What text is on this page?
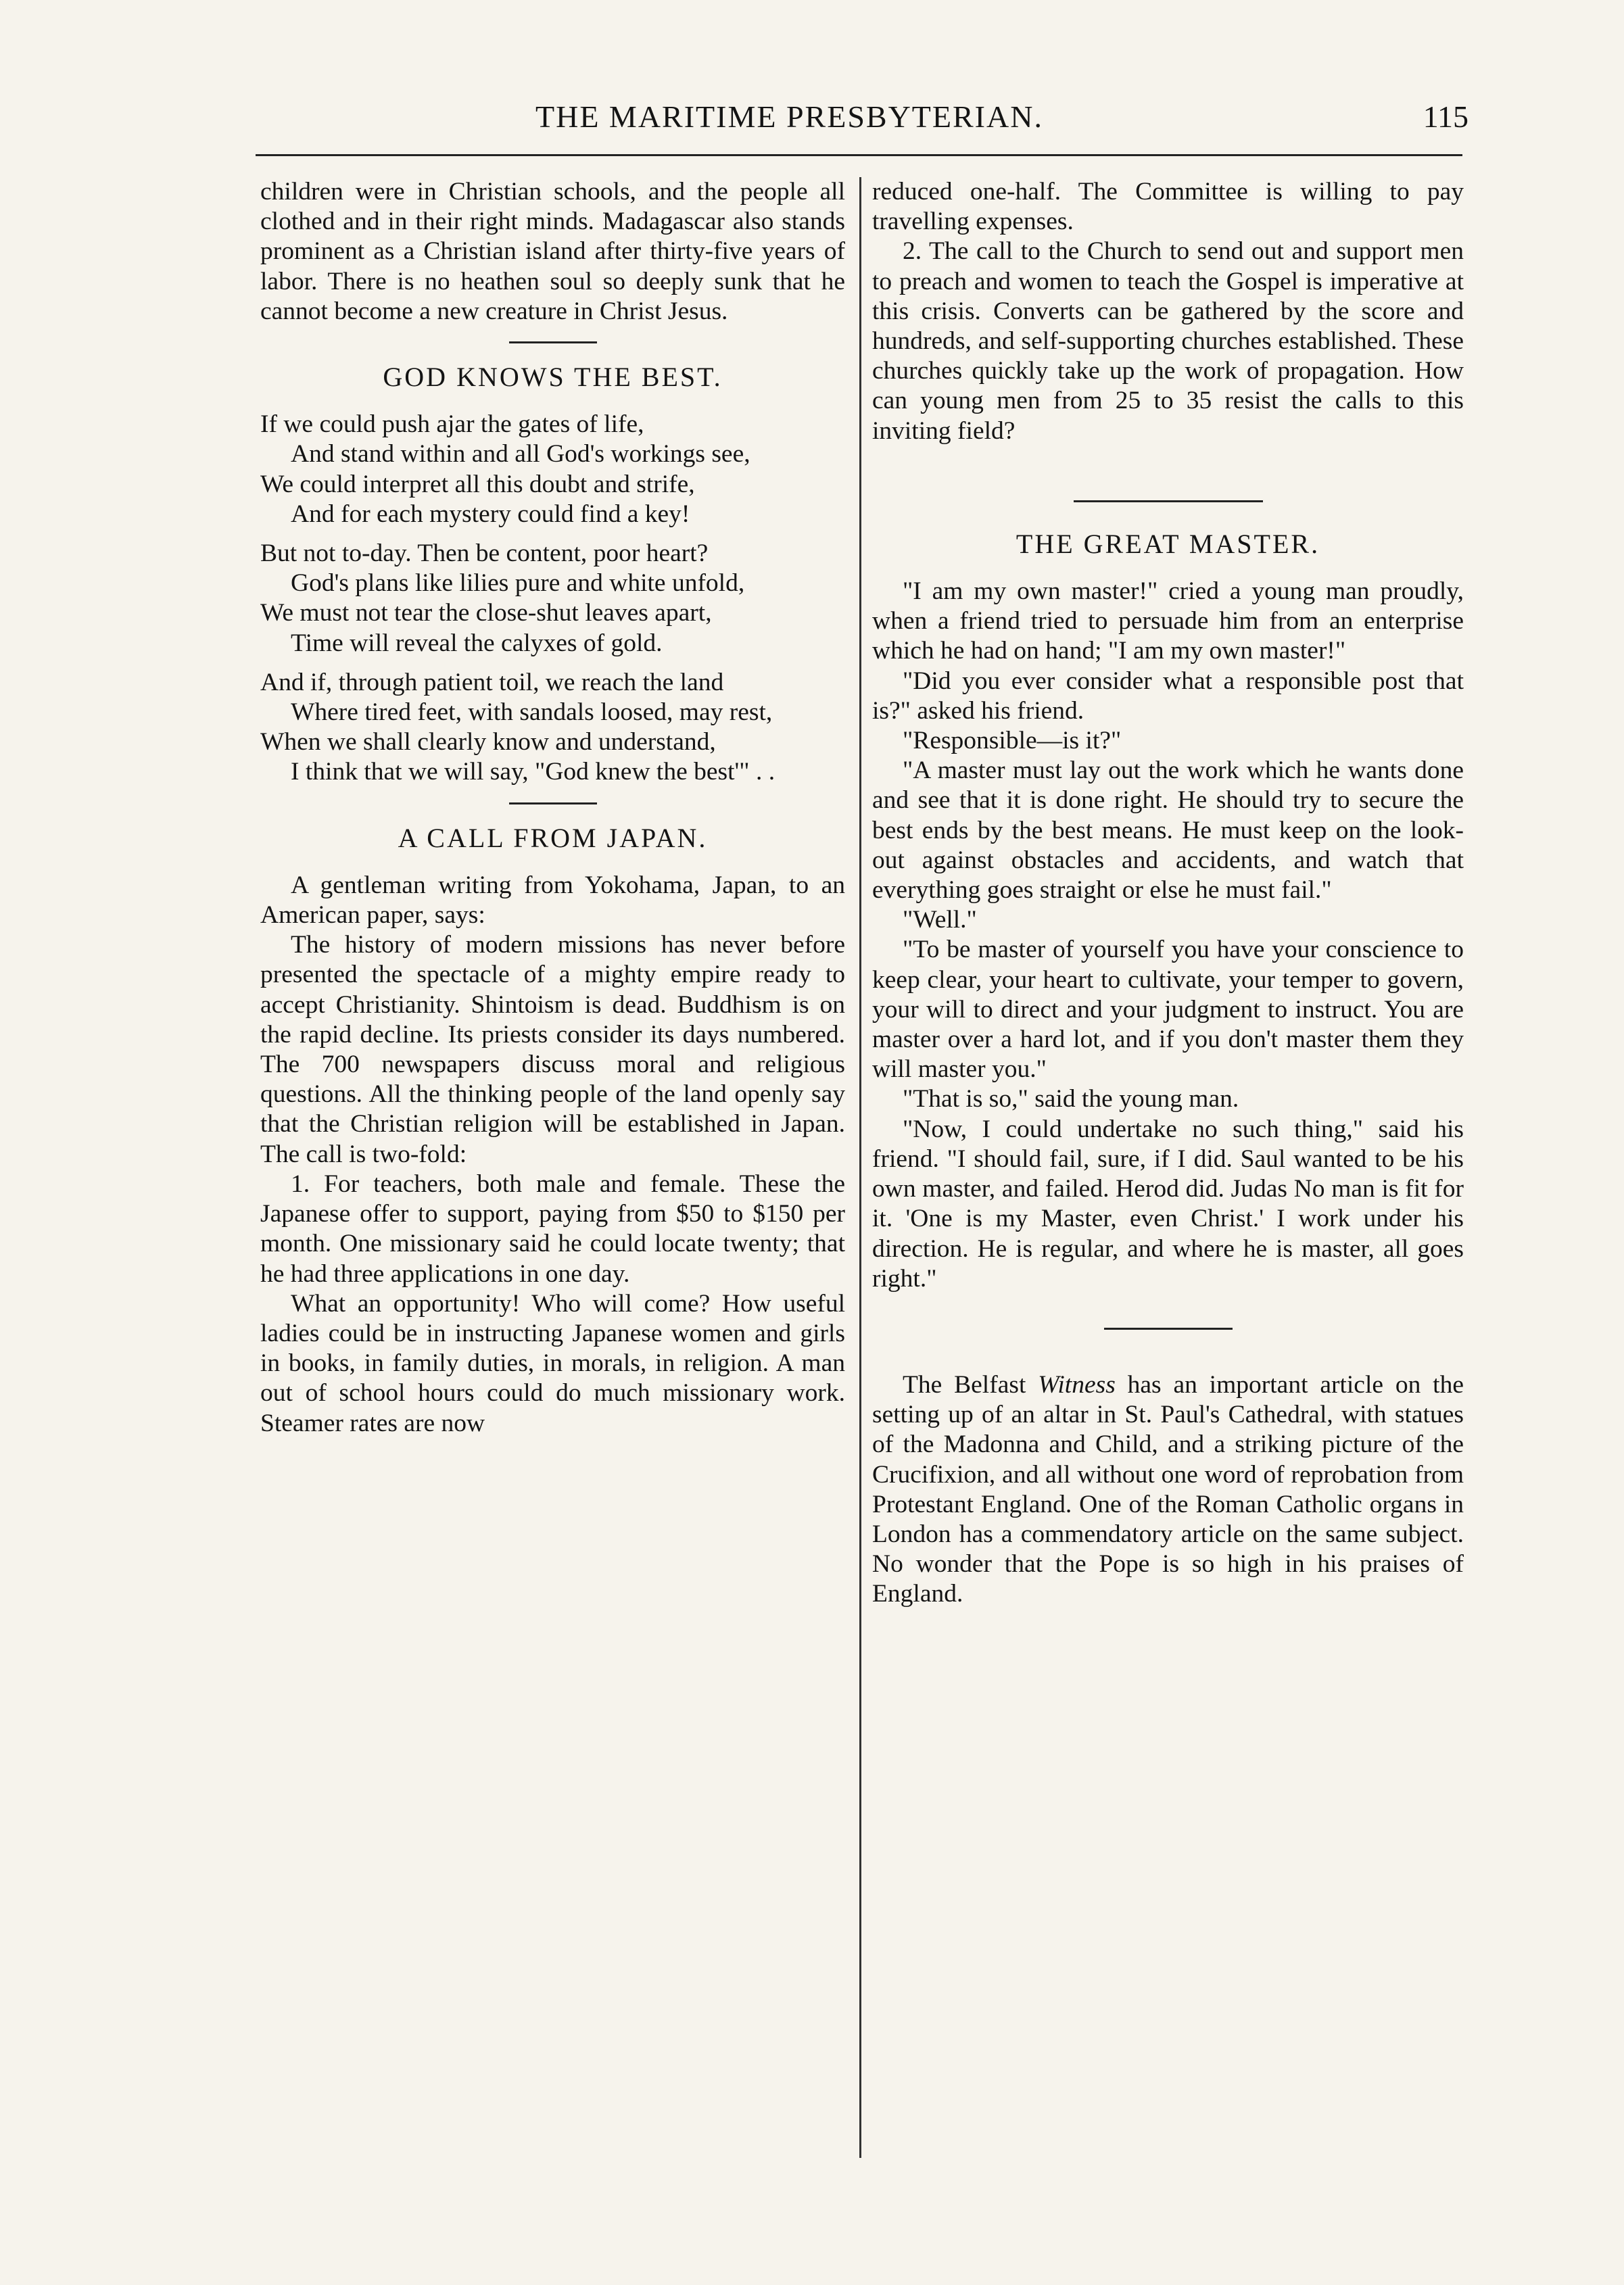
THE MARITIME PRESBYTERIAN.	115

children were in Christian schools, and the people all clothed and in their right minds. Madagascar also stands prominent as a Christian island after thirty-five years of labor. There is no heathen soul so deeply sunk that he cannot become a new creature in Christ Jesus.

GOD KNOWS THE BEST.
If we could push ajar the gates of life,
And stand within and all God's workings see,
We could interpret all this doubt and strife,
And for each mystery could find a key!
But not to-day. Then be content, poor heart?
God's plans like lilies pure and white unfold,
We must not tear the close-shut leaves apart,
Time will reveal the calyxes of gold.
And if, through patient toil, we reach the land
Where tired feet, with sandals loosed, may rest,
When we shall clearly know and understand,
I think that we will say, "God knew the best'" . .
A CALL FROM JAPAN.

A gentleman writing from Yokohama, Japan, to an American paper, says:

The history of modern missions has never before presented the spectacle of a mighty empire ready to accept Christianity. Shintoism is dead. Buddhism is on the rapid decline. Its priests consider its days numbered. The 700 newspapers discuss moral and religious questions. All the thinking people of the land openly say that the Christian religion will be established in Japan. The call is two-fold:

1. For teachers, both male and female. These the Japanese offer to support, paying from $50 to $150 per month. One missionary said he could locate twenty; that he had three applications in one day.

What an opportunity! Who will come? How useful ladies could be in instructing Japanese women and girls in books, in family duties, in morals, in religion. A man out of school hours could do much missionary work. Steamer rates are now

reduced one-half. The Committee is willing to pay travelling expenses.

2. The call to the Church to send out and support men to preach and women to teach the Gospel is imperative at this crisis. Converts can be gathered by the score and hundreds, and self-supporting churches established. These churches quickly take up the work of propagation. How can young men from 25 to 35 resist the calls to this inviting field?

THE GREAT MASTER.

"I am my own master!" cried a young man proudly, when a friend tried to persuade him from an enterprise which he had on hand; "I am my own master!"

"Did you ever consider what a responsible post that is?" asked his friend.

"Responsible—is it?"

"A master must lay out the work which he wants done and see that it is done right. He should try to secure the best ends by the best means. He must keep on the look-out against obstacles and accidents, and watch that everything goes straight or else he must fail."

"Well."

"To be master of yourself you have your conscience to keep clear, your heart to cultivate, your temper to govern, your will to direct and your judgment to instruct. You are master over a hard lot, and if you don't master them they will master you."

"That is so," said the young man.

"Now, I could undertake no such thing," said his friend. "I should fail, sure, if I did. Saul wanted to be his own master, and failed. Herod did. Judas No man is fit for it. 'One is my Master, even Christ.' I work under his direction. He is regular, and where he is master, all goes right."

The Belfast Witness has an important article on the setting up of an altar in St. Paul's Cathedral, with statues of the Madonna and Child, and a striking picture of the Crucifixion, and all without one word of reprobation from Protestant England. One of the Roman Catholic organs in London has a commendatory article on the same subject. No wonder that the Pope is so high in his praises of England.
